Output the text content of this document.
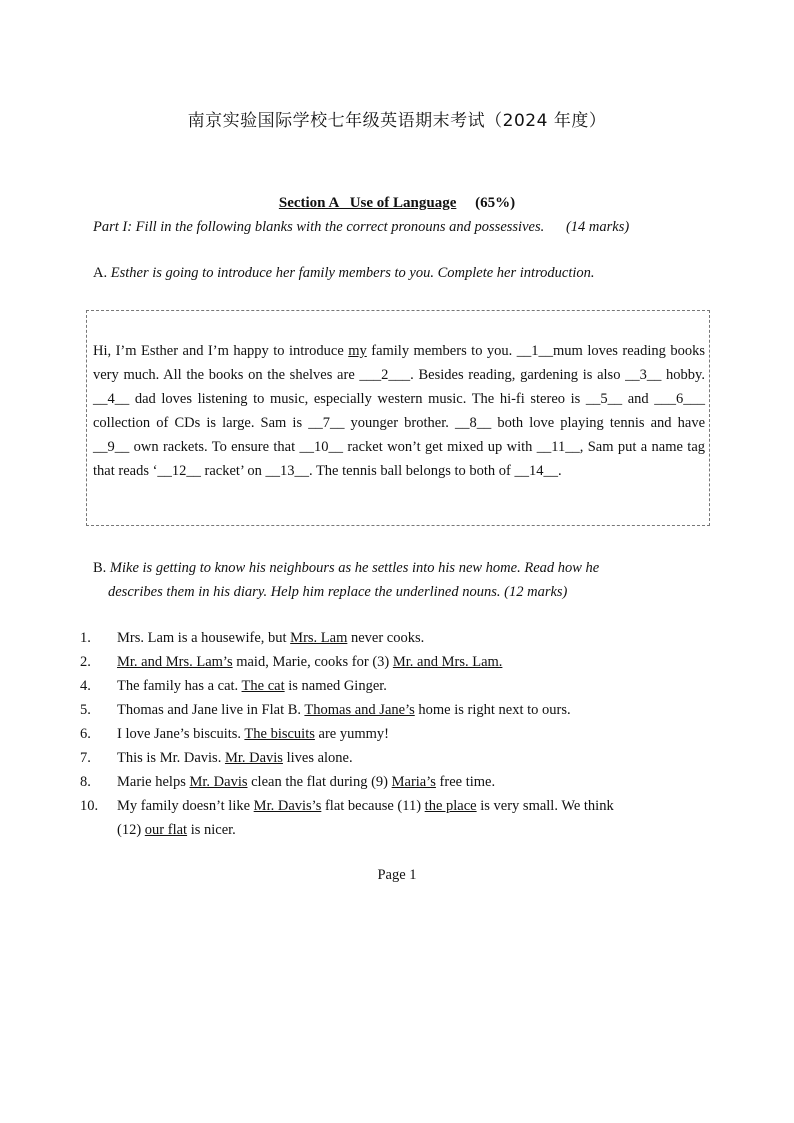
南京实验国际学校七年级英语期末考试（2024 年度）
Section A   Use of Language (65%)
Part I: Fill in the following blanks with the correct pronouns and possessives. (14 marks)
A. Esther is going to introduce her family members to you. Complete her introduction.
Hi, I’m Esther and I’m happy to introduce my family members to you. __1__mum loves reading books very much. All the books on the shelves are ___2___. Besides reading, gardening is also __3__ hobby. __4__ dad loves listening to music, especially western music. The hi-fi stereo is __5__ and ___6___ collection of CDs is large. Sam is __7__ younger brother. __8__ both love playing tennis and have __9__ own rackets. To ensure that __10__ racket won’t get mixed up with __11__, Sam put a name tag that reads ‘__12__ racket’ on __13__. The tennis ball belongs to both of __14__.
B. Mike is getting to know his neighbours as he settles into his new home. Read how he
describes them in his diary. Help him replace the underlined nouns. (12 marks)
1.	Mrs. Lam is a housewife, but Mrs. Lam never cooks.
2.	Mr. and Mrs. Lam’s maid, Marie, cooks for (3) Mr. and Mrs. Lam.
4.	The family has a cat. The cat is named Ginger.
5.	Thomas and Jane live in Flat B. Thomas and Jane’s home is right next to ours.
6.	I love Jane’s biscuits. The biscuits are yummy!
7.	This is Mr. Davis. Mr. Davis lives alone.
8.	Marie helps Mr. Davis clean the flat during (9) Maria’s free time.
10.	My family doesn’t like Mr. Davis’s flat because (11) the place is very small. We think
(12) our flat is nicer.
Page 1
